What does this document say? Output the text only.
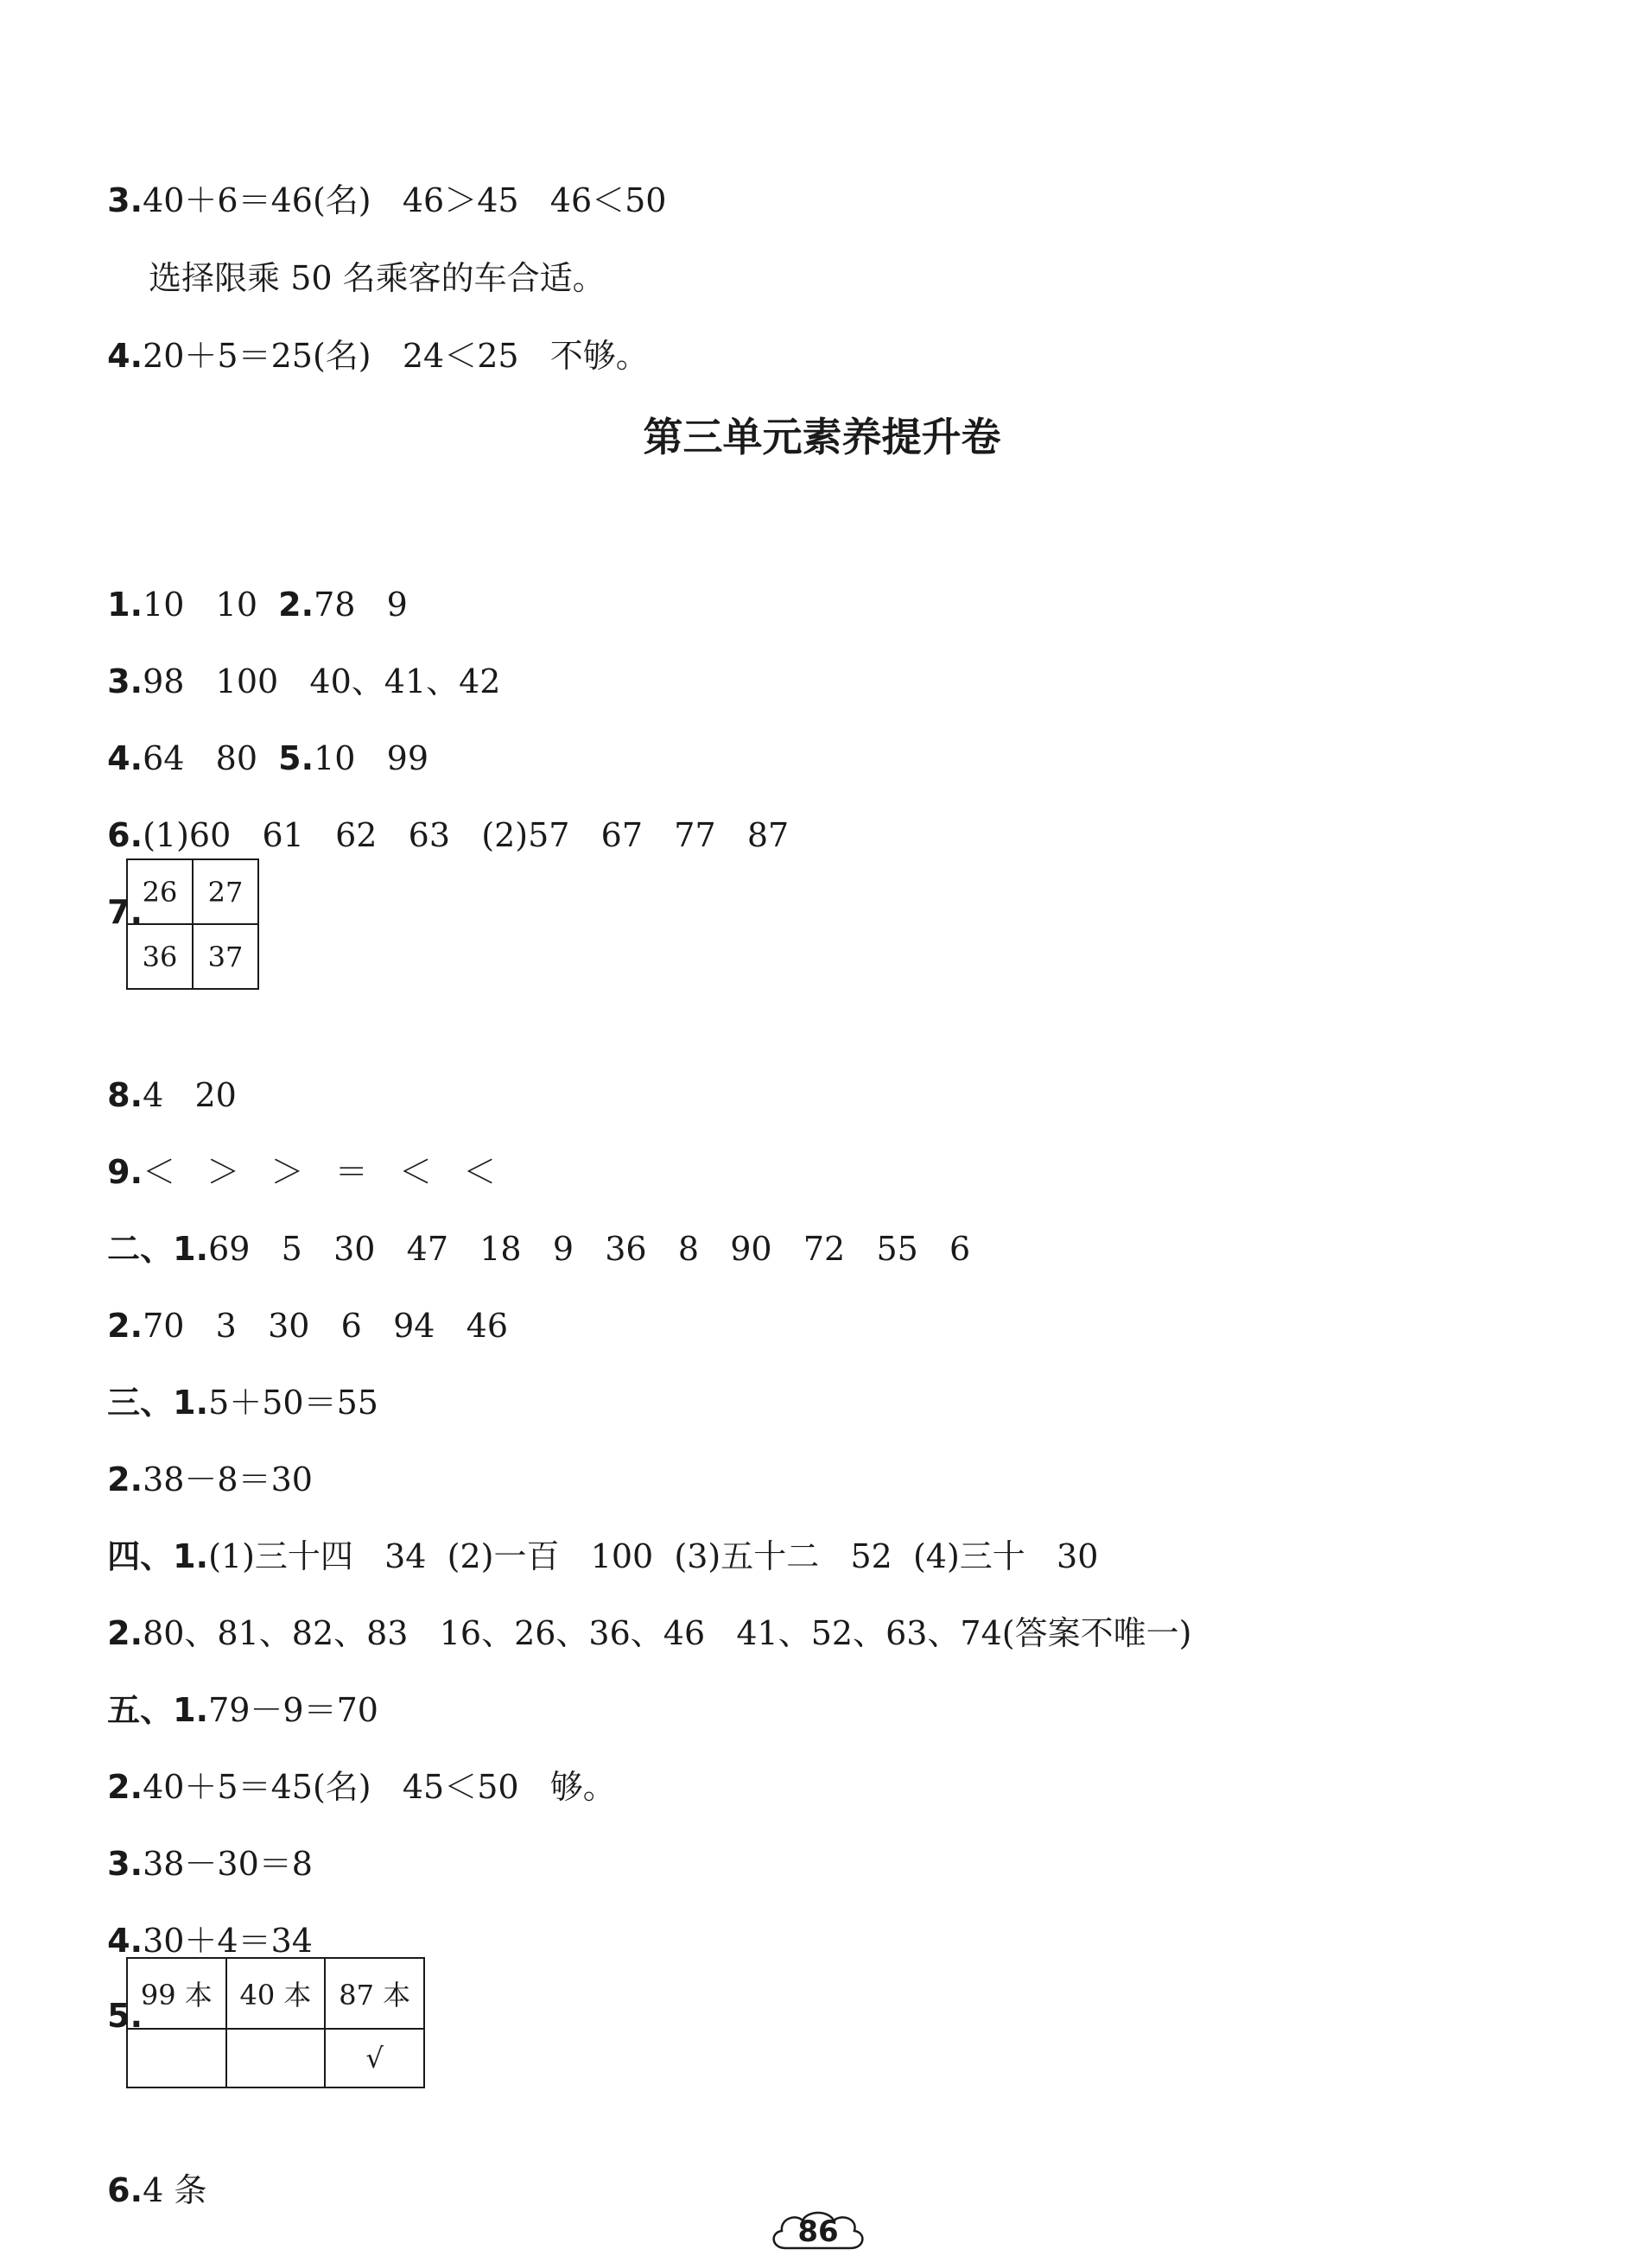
3.40＋6＝46(名)   46＞45   46＜50

选择限乘 50 名乘客的车合适。

4.20＋5＝25(名)   24＜25   不够。

第三单元素养提升卷

1.10   10  2.78   9

3.98   100   40、41、42

4.64   80  5.10   99

6.(1)60   61   62   63   (2)57   67   77   87

7.

26	27
36	37

8.4   20

9.＜   ＞   ＞   ＝   ＜   ＜

二、1.69   5   30   47   18   9   36   8   90   72   55   6

2.70   3   30   6   94   46

三、1.5＋50＝55

2.38－8＝30

四、1.(1)三十四   34  (2)一百   100  (3)五十二   52  (4)三十   30

2.80、81、82、83   16、26、36、46   41、52、63、74(答案不唯一)

五、1.79－9＝70

2.40＋5＝45(名)   45＜50   够。

3.38－30＝8

4.30＋4＝34

5.

99 本	40 本	87 本
		√

6.4 条

86
